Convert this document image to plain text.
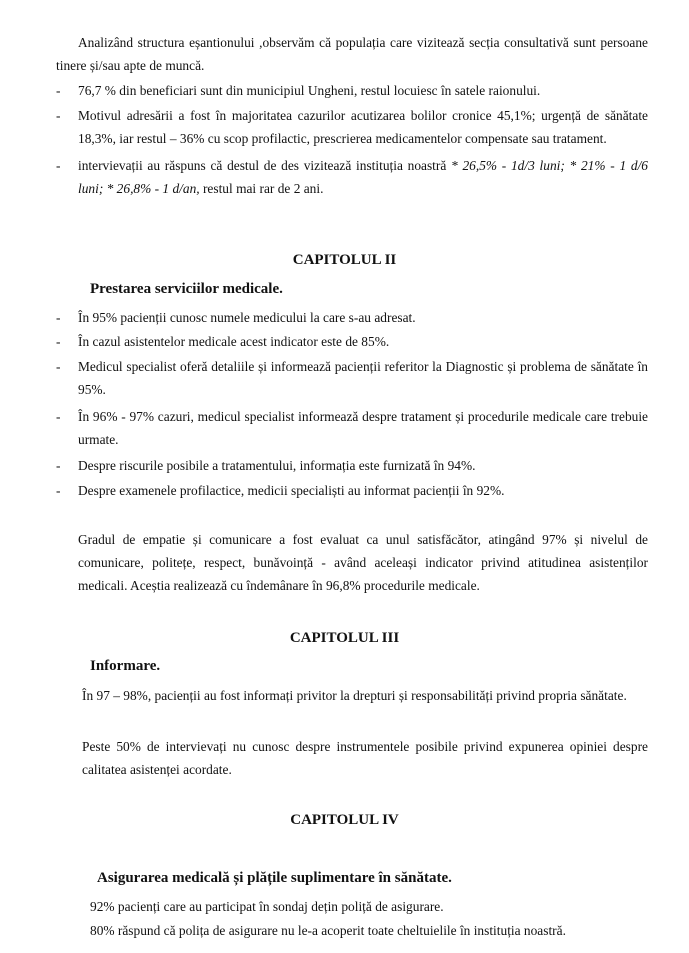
Analizând structura eșantionului ,observăm că populația care vizitează secția consultativă sunt persoane tinere și/sau apte de muncă.
- 76,7 % din beneficiari sunt din municipiul Ungheni, restul locuiesc în satele raionului.
- Motivul adresării a fost în majoritatea cazurilor acutizarea bolilor cronice 45,1%; urgență de sănătate 18,3%, iar restul – 36% cu scop profilactic, prescrierea medicamentelor compensate sau tratament.
- intervievații au răspuns că destul de des vizitează instituția noastră * 26,5% - 1d/3 luni; * 21% - 1 d/6 luni; * 26,8% - 1 d/an, restul mai rar de 2 ani.
CAPITOLUL II
Prestarea serviciilor medicale.
- În 95% pacienții cunosc numele medicului la care s-au adresat.
- În cazul asistentelor medicale acest indicator este de 85%.
- Medicul specialist oferă detaliile și informează pacienții referitor la Diagnostic și problema de sănătate în 95%.
- În 96% - 97% cazuri, medicul specialist informează despre tratament și procedurile medicale care trebuie urmate.
- Despre riscurile posibile a tratamentului, informația este furnizată în 94%.
- Despre examenele profilactice, medicii specialiști au informat pacienții în 92%.
Gradul de empatie și comunicare a fost evaluat ca unul satisfăcător, atingând 97% și nivelul de comunicare, politețe, respect, bunăvoință - având aceleași indicator privind atitudinea asistenților medicali. Aceștia realizează cu îndemânare în 96,8% procedurile medicale.
CAPITOLUL III
Informare.
În 97 – 98%, pacienții au fost informați privitor la drepturi și responsabilități privind propria sănătate.
Peste 50% de intervievați nu cunosc despre instrumentele posibile privind expunerea opiniei despre calitatea asistenței acordate.
CAPITOLUL IV
Asigurarea medicală și plățile suplimentare în sănătate.
92% pacienți care au participat în sondaj dețin poliță de asigurare.
80% răspund că polița de asigurare nu le-a acoperit toate cheltuielile în instituția noastră.
